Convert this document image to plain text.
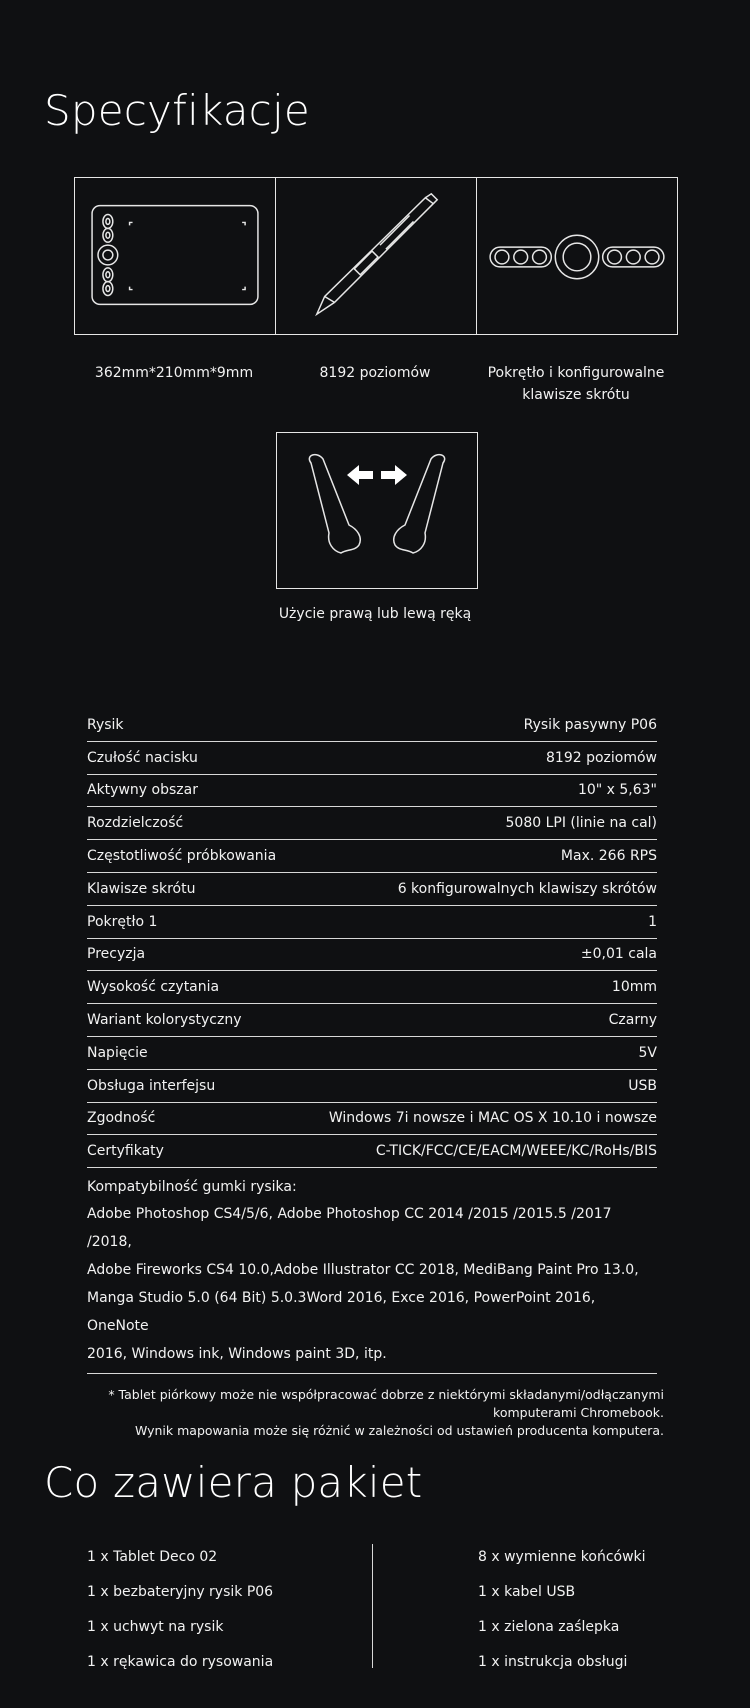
Specyfikacje
362mm*210mm*9mm	8192 poziomów	Pokrętło i konfigurowalne klawisze skrótu
Użycie prawą lub lewą ręką
Rysik	Rysik pasywny P06
Czułość nacisku	8192 poziomów
Aktywny obszar	10" x 5,63"
Rozdzielczość	5080 LPI (linie na cal)
Częstotliwość próbkowania	Max. 266 RPS
Klawisze skrótu	6 konfigurowalnych klawiszy skrótów
Pokrętło 1	1
Precyzja	±0,01 cala
Wysokość czytania	10mm
Wariant kolorystyczny	Czarny
Napięcie	5V
Obsługa interfejsu	USB
Zgodność	Windows 7i nowsze i MAC OS X 10.10 i nowsze
Certyfikaty	C-TICK/FCC/CE/EACM/WEEE/KC/RoHs/BIS
Kompatybilność gumki rysika:
Adobe Photoshop CS4/5/6, Adobe Photoshop CC 2014 /2015 /2015.5 /2017 /2018,
Adobe Fireworks CS4 10.0,Adobe Illustrator CC 2018, MediBang Paint Pro 13.0,
Manga Studio 5.0 (64 Bit) 5.0.3Word 2016, Exce 2016, PowerPoint 2016, OneNote
2016, Windows ink, Windows paint 3D, itp.
* Tablet piórkowy może nie współpracować dobrze z niektórymi składanymi/odłączanymi
komputerami Chromebook.
Wynik mapowania może się różnić w zależności od ustawień producenta komputera.
Co zawiera pakiet
1 x Tablet Deco 02
1 x bezbateryjny rysik P06
1 x uchwyt na rysik
1 x rękawica do rysowania
8 x wymienne końcówki
1 x kabel USB
1 x zielona zaślepka
1 x instrukcja obsługi
